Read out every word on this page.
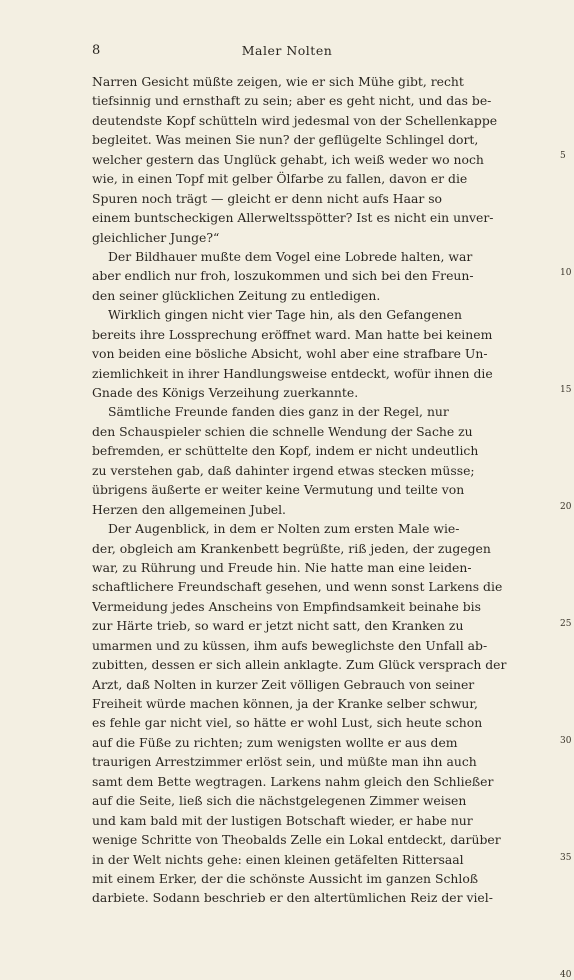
8	Maler Nolten
5
10
15
20
25
30
35
40
Narren Gesicht müßte zeigen, wie er sich Mühe gibt, recht
tiefsinnig und ernsthaft zu sein; aber es geht nicht, und das be-
deutendste Kopf schütteln wird jedesmal von der Schellenkappe
begleitet. Was meinen Sie nun? der geflügelte Schlingel dort,
welcher gestern das Unglück gehabt, ich weiß weder wo noch
wie, in einen Topf mit gelber Ölfarbe zu fallen, davon er die
Spuren noch trägt — gleicht er denn nicht aufs Haar so
einem buntscheckigen Allerweltsspötter? Ist es nicht ein unver-
gleichlicher Junge?“
Der Bildhauer mußte dem Vogel eine Lobrede halten, war
aber endlich nur froh, loszukommen und sich bei den Freun-
den seiner glücklichen Zeitung zu entledigen.
Wirklich gingen nicht vier Tage hin, als den Gefangenen
bereits ihre Lossprechung eröffnet ward. Man hatte bei keinem
von beiden eine bösliche Absicht, wohl aber eine strafbare Un-
ziemlichkeit in ihrer Handlungsweise entdeckt, wofür ihnen die
Gnade des Königs Verzeihung zuerkannte.
Sämtliche Freunde fanden dies ganz in der Regel, nur
den Schauspieler schien die schnelle Wendung der Sache zu
befremden, er schüttelte den Kopf, indem er nicht undeutlich
zu verstehen gab, daß dahinter irgend etwas stecken müsse;
übrigens äußerte er weiter keine Vermutung und teilte von
Herzen den allgemeinen Jubel.
Der Augenblick, in dem er Nolten zum ersten Male wie-
der, obgleich am Krankenbett begrüßte, riß jeden, der zugegen
war, zu Rührung und Freude hin. Nie hatte man eine leiden-
schaftlichere Freundschaft gesehen, und wenn sonst Larkens die
Vermeidung jedes Anscheins von Empfindsamkeit beinahe bis
zur Härte trieb, so ward er jetzt nicht satt, den Kranken zu
umarmen und zu küssen, ihm aufs beweglichste den Unfall ab-
zubitten, dessen er sich allein anklagte. Zum Glück versprach der
Arzt, daß Nolten in kurzer Zeit völligen Gebrauch von seiner
Freiheit würde machen können, ja der Kranke selber schwur,
es fehle gar nicht viel, so hätte er wohl Lust, sich heute schon
auf die Füße zu richten; zum wenigsten wollte er aus dem
traurigen Arrestzimmer erlöst sein, und müßte man ihn auch
samt dem Bette wegtragen. Larkens nahm gleich den Schließer
auf die Seite, ließ sich die nächstgelegenen Zimmer weisen
und kam bald mit der lustigen Botschaft wieder, er habe nur
wenige Schritte von Theobalds Zelle ein Lokal entdeckt, darüber
in der Welt nichts gehe: einen kleinen getäfelten Rittersaal
mit einem Erker, der die schönste Aussicht im ganzen Schloß
darbiete. Sodann beschrieb er den altertümlichen Reiz der viel-
